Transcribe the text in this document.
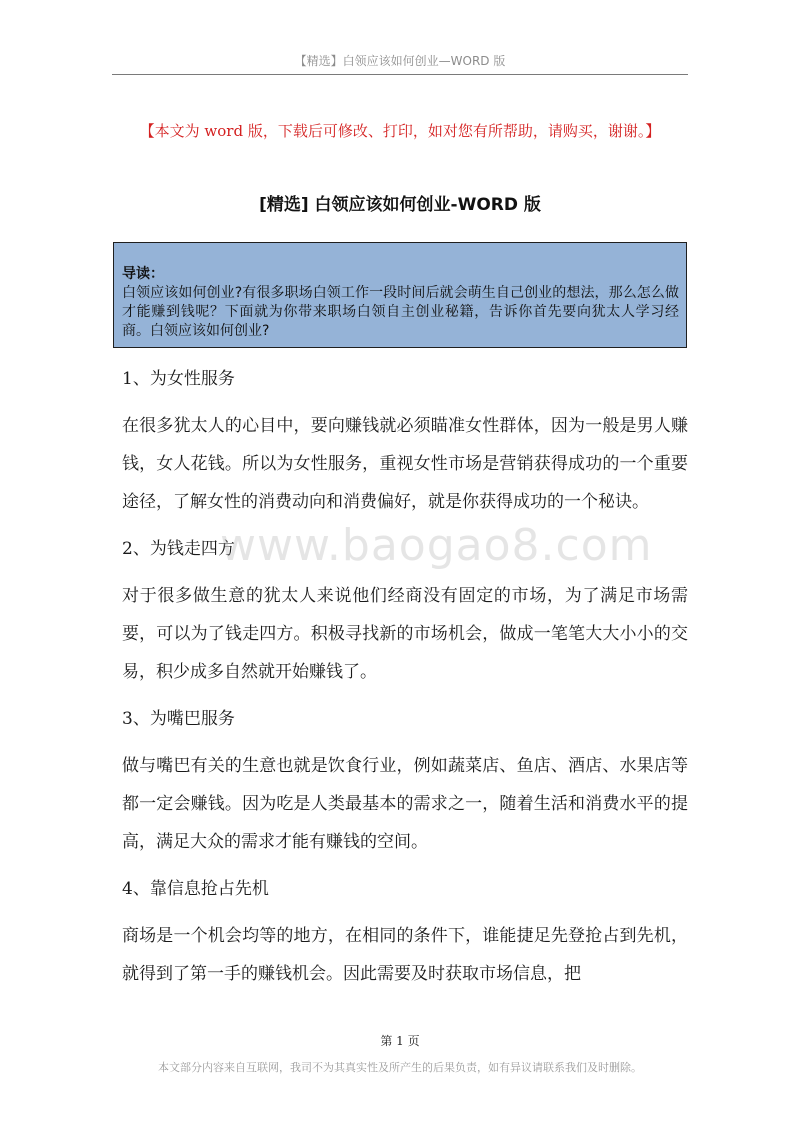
【精选】白领应该如何创业—WORD 版
【本文为 word 版，下载后可修改、打印，如对您有所帮助，请购买，谢谢。】
[精选] 白领应该如何创业-WORD 版
导读：
白领应该如何创业?有很多职场白领工作一段时间后就会萌生自己创业的想法，那么怎么做才能赚到钱呢？下面就为你带来职场白领自主创业秘籍，告诉你首先要向犹太人学习经商。白领应该如何创业?

1、为女性服务

在很多犹太人的心目中，要向赚钱就必须瞄准女性群体，因为一般是男人赚钱，女人花钱。所以为女性服务，重视女性市场是营销获得成功的一个重要途径，了解女性的消费动向和消费偏好，就是你获得成功的一个秘诀。

2、为钱走四方

对于很多做生意的犹太人来说他们经商没有固定的市场，为了满足市场需要，可以为了钱走四方。积极寻找新的市场机会，做成一笔笔大大小小的交易，积少成多自然就开始赚钱了。

3、为嘴巴服务

做与嘴巴有关的生意也就是饮食行业，例如蔬菜店、鱼店、酒店、水果店等都一定会赚钱。因为吃是人类最基本的需求之一，随着生活和消费水平的提高，满足大众的需求才能有赚钱的空间。

4、靠信息抢占先机

商场是一个机会均等的地方，在相同的条件下，谁能捷足先登抢占到先机，就得到了第一手的赚钱机会。因此需要及时获取市场信息，把

www.baogao8.com
第 1 页
本文部分内容来自互联网，我司不为其真实性及所产生的后果负责，如有异议请联系我们及时删除。
